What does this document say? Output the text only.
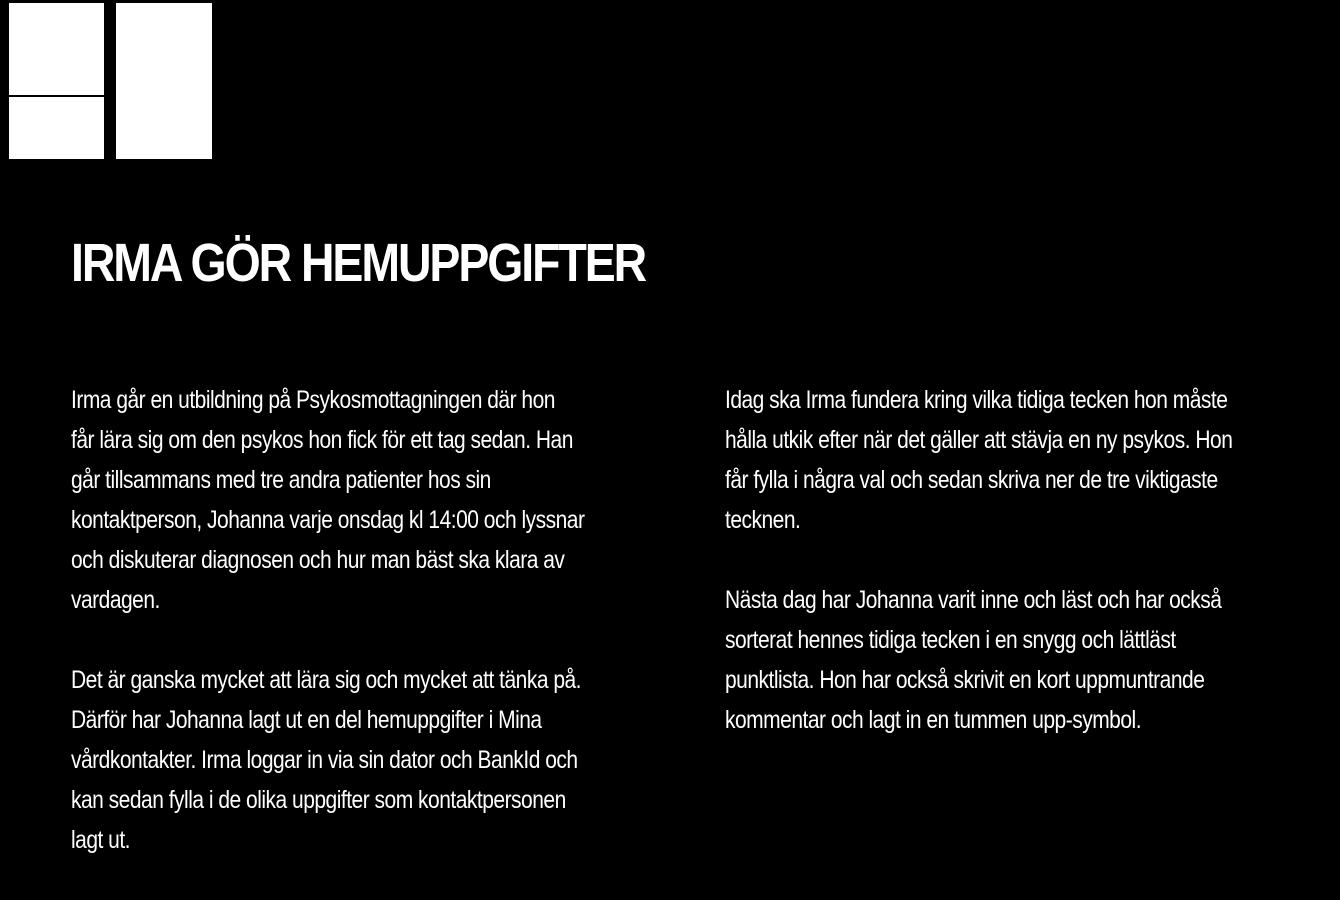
IRMA GÖR HEMUPPGIFTER

Irma går en utbildning på Psykosmottagningen där hon
får lära sig om den psykos hon fick för ett tag sedan. Han
går tillsammans med tre andra patienter hos sin
kontaktperson, Johanna varje onsdag kl 14:00 och lyssnar
och diskuterar diagnosen och hur man bäst ska klara av
vardagen.

Det är ganska mycket att lära sig och mycket att tänka på.
Därför har Johanna lagt ut en del hemuppgifter i Mina
vårdkontakter. Irma loggar in via sin dator och BankId och
kan sedan fylla i de olika uppgifter som kontaktpersonen
lagt ut.

Idag ska Irma fundera kring vilka tidiga tecken hon måste
hålla utkik efter när det gäller att stävja en ny psykos. Hon
får fylla i några val och sedan skriva ner de tre viktigaste
tecknen.

Nästa dag har Johanna varit inne och läst och har också
sorterat hennes tidiga tecken i en snygg och lättläst
punktlista. Hon har också skrivit en kort uppmuntrande
kommentar och lagt in en tummen upp-symbol.
